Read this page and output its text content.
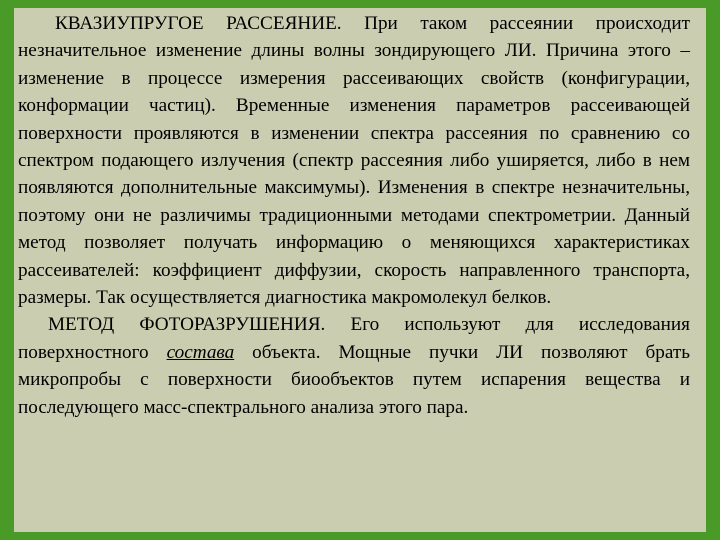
КВАЗИУПРУГОЕ РАССЕЯНИЕ. При таком рассеянии происходит незначительное изменение длины волны зондирующего ЛИ. Причина этого – изменение в процессе измерения рассеивающих свойств (конфигурации, конформации частиц). Временные изменения параметров рассеивающей поверхности проявляются в изменении спектра рассеяния по сравнению со спектром подающего излучения (спектр рассеяния либо уширяется, либо в нем появляются дополнительные максимумы). Изменения в спектре незначительны, поэтому они не различимы традиционными методами спектрометрии. Данный метод позволяет получать информацию о меняющихся характеристиках рассеивателей: коэффициент диффузии, скорость направленного транспорта, размеры. Так осуществляется диагностика макромолекул белков.

МЕТОД ФОТОРАЗРУШЕНИЯ. Его используют для исследования поверхностного состава объекта. Мощные пучки ЛИ позволяют брать микропробы с поверхности биообъектов путем испарения вещества и последующего масс-спектрального анализа этого пара.
